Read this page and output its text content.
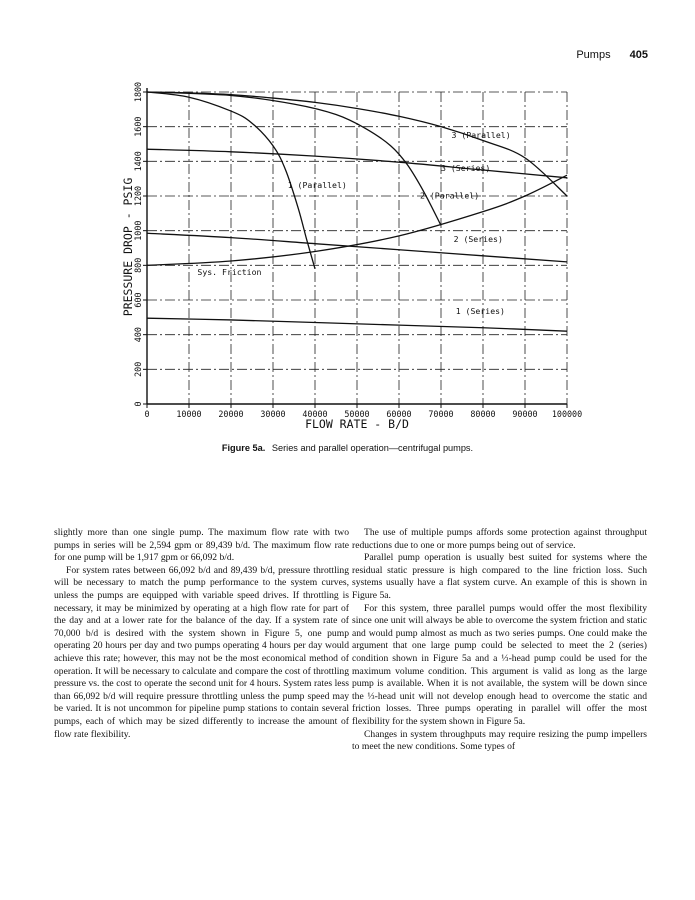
Pumps 405
0	10000 20000 30000 40000 50000 60000 70000 80000 90000 100000
0
200
400
600
800
1000
1200
1400
1600
1800
3 (Parallel)
3 (Series)
1 (Parallel)
2 (Parallel)
2 (Series)
1 (Series)
Sys. Friction
FLOW RATE - B/D
PRESSURE DROP - PSIG
Figure 5a. Series and parallel operation—centrifugal pumps.

slightly more than one single pump. The maximum flow rate with two pumps in series will be 2,594 gpm or 89,439 b/d. The maximum flow rate for one pump will be 1,917 gpm or 66,092 b/d.

For system rates between 66,092 b/d and 89,439 b/d, pressure throttling will be necessary to match the pump performance to the system curves, unless the pumps are equipped with variable speed drives. If throttling is necessary, it may be minimized by operating at a high flow rate for part of the day and at a lower rate for the balance of the day. If a system rate of 70,000 b/d is desired with the system shown in Figure 5, one pump operating 20 hours per day and two pumps operating 4 hours per day would achieve this rate; however, this may not be the most economical method of operation. It will be necessary to calculate and compare the cost of throttling pressure vs. the cost to operate the second unit for 4 hours. System rates less than 66,092 b/d will require pressure throttling unless the pump speed may be varied. It is not uncommon for pipeline pump stations to contain several pumps, each of which may be sized differently to increase the amount of flow rate flexibility.

The use of multiple pumps affords some protection against throughput reductions due to one or more pumps being out of service.

Parallel pump operation is usually best suited for systems where the residual static pressure is high compared to the line friction loss. Such systems usually have a flat system curve. An example of this is shown in Figure 5a.

For this system, three parallel pumps would offer the most flexibility since one unit will always be able to overcome the system friction and static and would pump almost as much as two series pumps. One could make the argument that one large pump could be selected to meet the 2 (series) condition shown in Figure 5a and a ⅓-head pump could be used for the maximum volume condition. This argument is valid as long as the large pump is available. When it is not available, the system will be down since the ⅓-head unit will not develop enough head to overcome the static and friction losses. Three pumps operating in parallel will offer the most flexibility for the system shown in Figure 5a.

Changes in system throughputs may require resizing the pump impellers to meet the new conditions. Some types of
